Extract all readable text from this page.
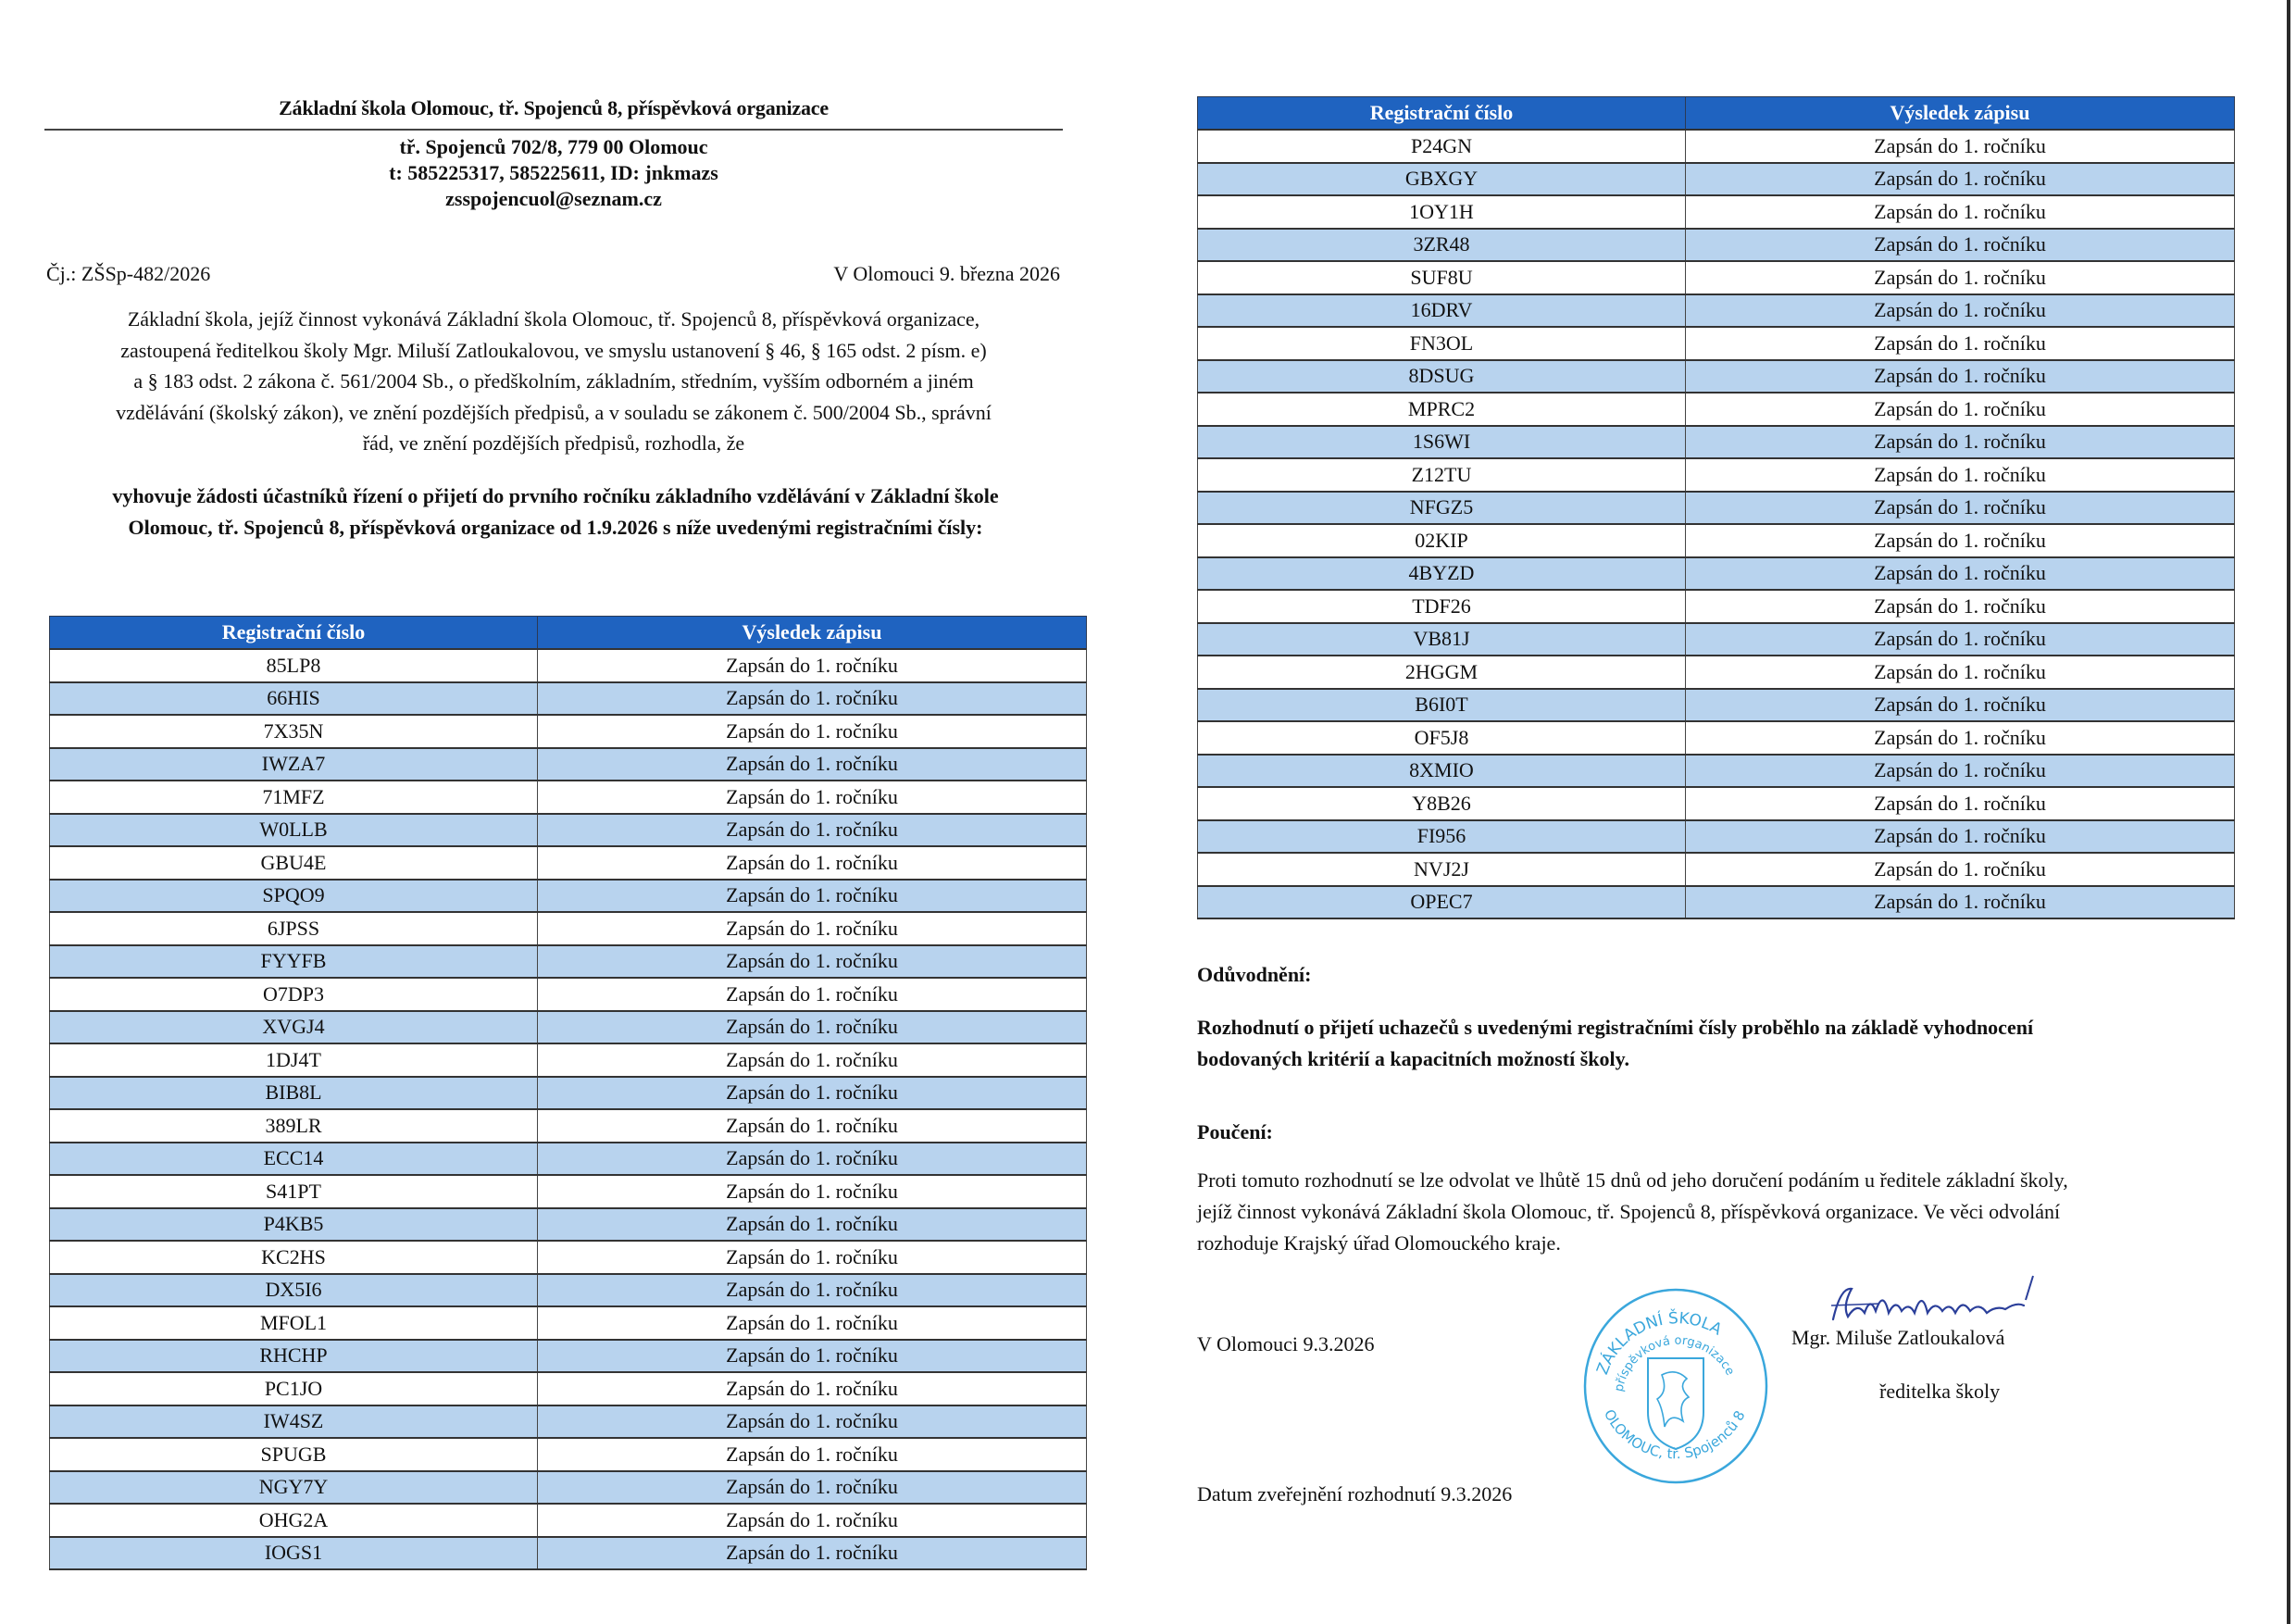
Základní škola Olomouc, tř. Spojenců 8, příspěvková organizace
tř. Spojenců 702/8, 779 00 Olomouc
t: 585225317, 585225611, ID: jnkmazs
zsspojencuol@seznam.cz
Čj.: ZŠSp-482/2026	V Olomouci 9. března 2026
Základní škola, jejíž činnost vykonává Základní škola Olomouc, tř. Spojenců 8, příspěvková organizace,
zastoupená ředitelkou školy Mgr. Miluší Zatloukalovou, ve smyslu ustanovení § 46, § 165 odst. 2 písm. e)
a § 183 odst. 2 zákona č. 561/2004 Sb., o předškolním, základním, středním, vyšším odborném a jiném
vzdělávání (školský zákon), ve znění pozdějších předpisů, a v souladu se zákonem č. 500/2004 Sb., správní
řád, ve znění pozdějších předpisů, rozhodla, že
vyhovuje žádosti účastníků řízení o přijetí do prvního ročníku základního vzdělávání v Základní škole
Olomouc, tř. Spojenců 8, příspěvková organizace od 1.9.2026 s níže uvedenými registračními čísly:
Registrační číslo	Výsledek zápisu
85LP8	Zapsán do 1. ročníku
66HIS	Zapsán do 1. ročníku
7X35N	Zapsán do 1. ročníku
IWZA7	Zapsán do 1. ročníku
71MFZ	Zapsán do 1. ročníku
W0LLB	Zapsán do 1. ročníku
GBU4E	Zapsán do 1. ročníku
SPQO9	Zapsán do 1. ročníku
6JPSS	Zapsán do 1. ročníku
FYYFB	Zapsán do 1. ročníku
O7DP3	Zapsán do 1. ročníku
XVGJ4	Zapsán do 1. ročníku
1DJ4T	Zapsán do 1. ročníku
BIB8L	Zapsán do 1. ročníku
389LR	Zapsán do 1. ročníku
ECC14	Zapsán do 1. ročníku
S41PT	Zapsán do 1. ročníku
P4KB5	Zapsán do 1. ročníku
KC2HS	Zapsán do 1. ročníku
DX5I6	Zapsán do 1. ročníku
MFOL1	Zapsán do 1. ročníku
RHCHP	Zapsán do 1. ročníku
PC1JO	Zapsán do 1. ročníku
IW4SZ	Zapsán do 1. ročníku
SPUGB	Zapsán do 1. ročníku
NGY7Y	Zapsán do 1. ročníku
OHG2A	Zapsán do 1. ročníku
IOGS1	Zapsán do 1. ročníku
Registrační číslo	Výsledek zápisu
P24GN	Zapsán do 1. ročníku
GBXGY	Zapsán do 1. ročníku
1OY1H	Zapsán do 1. ročníku
3ZR48	Zapsán do 1. ročníku
SUF8U	Zapsán do 1. ročníku
16DRV	Zapsán do 1. ročníku
FN3OL	Zapsán do 1. ročníku
8DSUG	Zapsán do 1. ročníku
MPRC2	Zapsán do 1. ročníku
1S6WI	Zapsán do 1. ročníku
Z12TU	Zapsán do 1. ročníku
NFGZ5	Zapsán do 1. ročníku
02KIP	Zapsán do 1. ročníku
4BYZD	Zapsán do 1. ročníku
TDF26	Zapsán do 1. ročníku
VB81J	Zapsán do 1. ročníku
2HGGM	Zapsán do 1. ročníku
B6I0T	Zapsán do 1. ročníku
OF5J8	Zapsán do 1. ročníku
8XMIO	Zapsán do 1. ročníku
Y8B26	Zapsán do 1. ročníku
FI956	Zapsán do 1. ročníku
NVJ2J	Zapsán do 1. ročníku
OPEC7	Zapsán do 1. ročníku
Odůvodnění:
Rozhodnutí o přijetí uchazečů s uvedenými registračními čísly proběhlo na základě vyhodnocení
bodovaných kritérií a kapacitních možností školy.
Poučení:
Proti tomuto rozhodnutí se lze odvolat ve lhůtě 15 dnů od jeho doručení podáním u ředitele základní školy,
jejíž činnost vykonává Základní škola Olomouc, tř. Spojenců 8, příspěvková organizace. Ve věci odvolání
rozhoduje Krajský úřad Olomouckého kraje.
V Olomouci 9.3.2026
ZÁKLADNÍ ŠKOLA
příspěvková organizace
OLOMOUC, tř. Spojenců 8
Mgr. Miluše Zatloukalová
ředitelka školy
Datum zveřejnění rozhodnutí 9.3.2026
